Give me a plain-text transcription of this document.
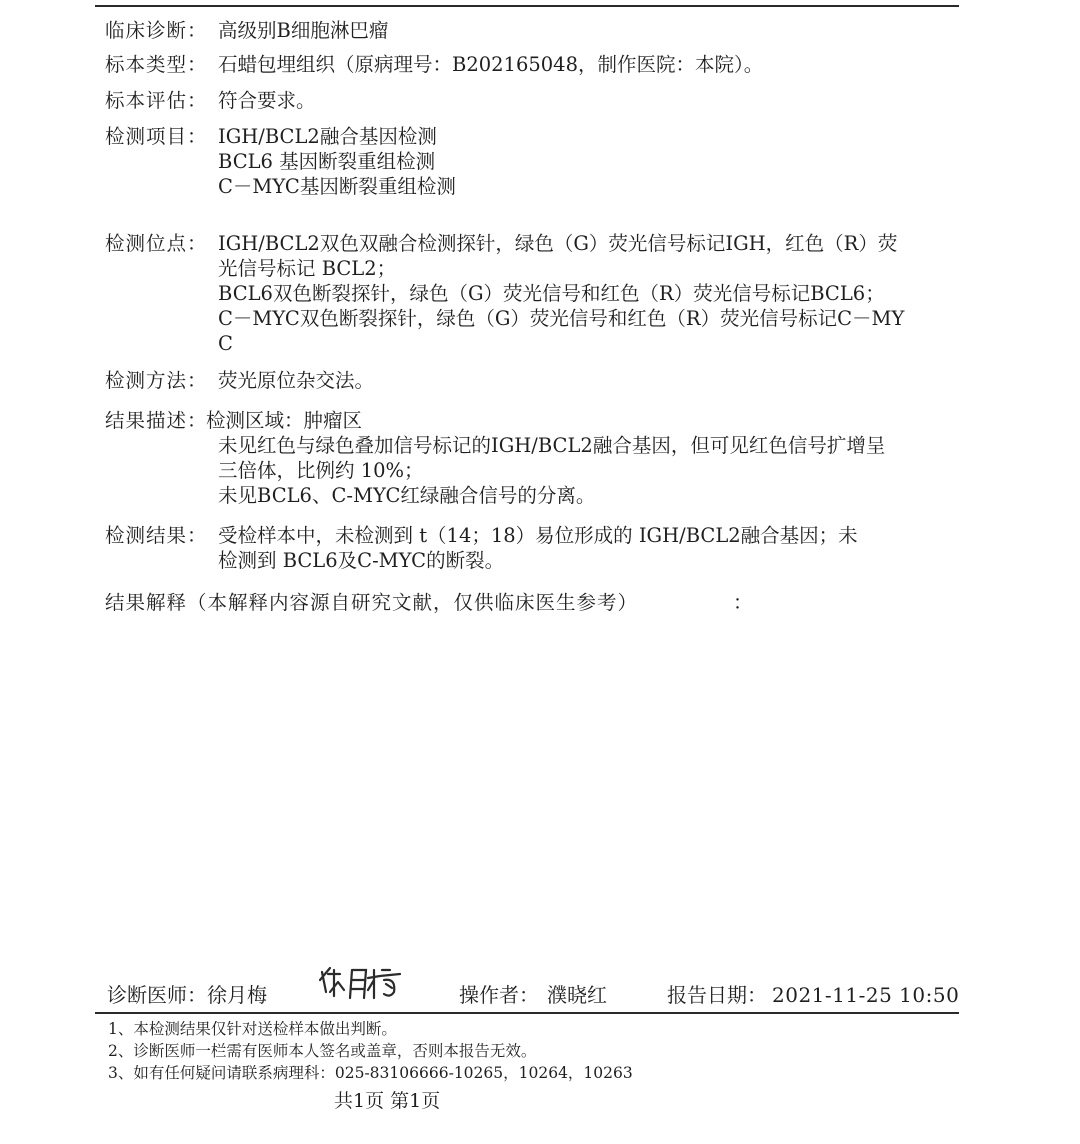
临床诊断： 高级别B细胞淋巴瘤
标本类型： 石蜡包埋组织（原病理号：B202165048，制作医院：本院）。
标本评估： 符合要求。
检测项目： IGH/BCL2融合基因检测
BCL6 基因断裂重组检测
C－MYC基因断裂重组检测
检测位点： IGH/BCL2双色双融合检测探针，绿色（G）荧光信号标记IGH，红色（R）荧
光信号标记 BCL2；
BCL6双色断裂探针，绿色（G）荧光信号和红色（R）荧光信号标记BCL6；
C－MYC双色断裂探针，绿色（G）荧光信号和红色（R）荧光信号标记C－MY
C
检测方法： 荧光原位杂交法。
结果描述：
检测区域：肿瘤区
未见红色与绿色叠加信号标记的IGH/BCL2融合基因，但可见红色信号扩增呈
三倍体，比例约 10%；
未见BCL6、C-MYC红绿融合信号的分离。
检测结果： 受检样本中，未检测到 t（14；18）易位形成的 IGH/BCL2融合基因；未
检测到 BCL6及C-MYC的断裂。
结果解释（本解释内容源自研究文献，仅供临床医生参考）	：
诊断医师：徐月梅	操作者： 濮晓红	报告日期： 2021-11-25 10:50
1、本检测结果仅针对送检样本做出判断。
2、诊断医师一栏需有医师本人签名或盖章，否则本报告无效。
3、如有任何疑问请联系病理科：025-83106666-10265，10264，10263
共1页 第1页
